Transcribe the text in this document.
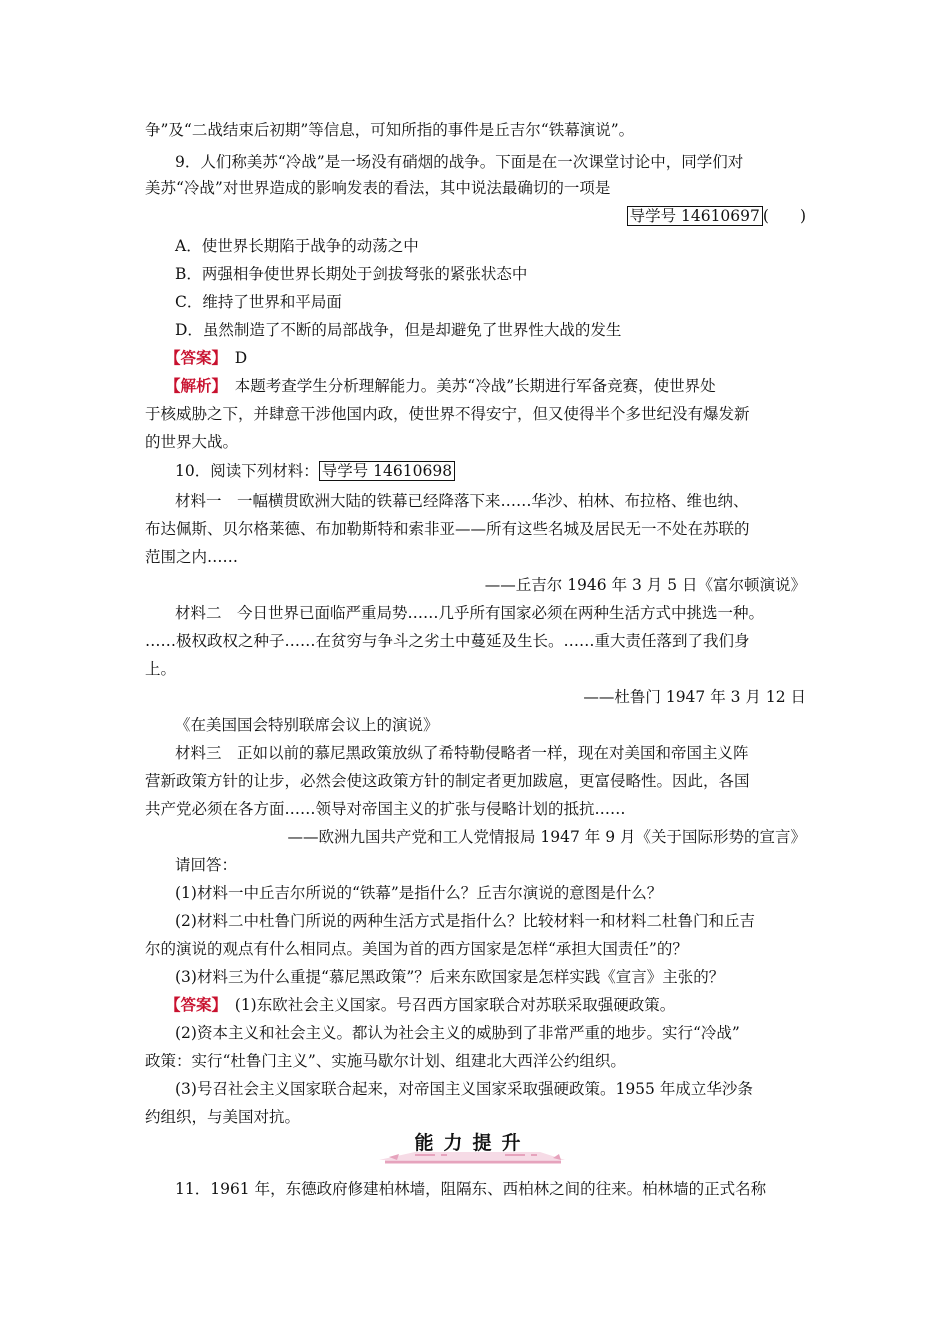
争”及“二战结束后初期”等信息，可知所指的事件是丘吉尔“铁幕演说”。
9．人们称美苏“冷战”是一场没有硝烟的战争。下面是在一次课堂讨论中，同学们对
美苏“冷战”对世界造成的影响发表的看法，其中说法最确切的一项是
导学号 14610697 (　　)
A．使世界长期陷于战争的动荡之中
B．两强相争使世界长期处于剑拔弩张的紧张状态中
C．维持了世界和平局面
D．虽然制造了不断的局部战争，但是却避免了世界性大战的发生
【答案】　D
【解析】　本题考查学生分析理解能力。美苏“冷战”长期进行军备竞赛，使世界处
于核威胁之下，并肆意干涉他国内政，使世界不得安宁，但又使得半个多世纪没有爆发新
的世界大战。
10．阅读下列材料： 导学号 14610698
材料一　一幅横贯欧洲大陆的铁幕已经降落下来……华沙、柏林、布拉格、维也纳、
布达佩斯、贝尔格莱德、布加勒斯特和索非亚——所有这些名城及居民无一不处在苏联的
范围之内……
——丘吉尔 1946 年 3 月 5 日《富尔顿演说》
材料二　今日世界已面临严重局势……几乎所有国家必须在两种生活方式中挑选一种。
……极权政权之种子……在贫穷与争斗之劣土中蔓延及生长。……重大责任落到了我们身
上。
——杜鲁门 1947 年 3 月 12 日
《在美国国会特别联席会议上的演说》
材料三　正如以前的慕尼黑政策放纵了希特勒侵略者一样，现在对美国和帝国主义阵
营新政策方针的让步，必然会使这政策方针的制定者更加跋扈，更富侵略性。因此，各国
共产党必须在各方面……领导对帝国主义的扩张与侵略计划的抵抗……
——欧洲九国共产党和工人党情报局 1947 年 9 月《关于国际形势的宣言》
请回答：
(1)材料一中丘吉尔所说的“铁幕”是指什么？丘吉尔演说的意图是什么？
(2)材料二中杜鲁门所说的两种生活方式是指什么？比较材料一和材料二杜鲁门和丘吉
尔的演说的观点有什么相同点。美国为首的西方国家是怎样“承担大国责任”的？
(3)材料三为什么重提“慕尼黑政策”？后来东欧国家是怎样实践《宣言》主张的？
【答案】　(1)东欧社会主义国家。号召西方国家联合对苏联采取强硬政策。
(2)资本主义和社会主义。都认为社会主义的威胁到了非常严重的地步。实行“冷战”
政策：实行“杜鲁门主义”、实施马歇尔计划、组建北大西洋公约组织。
(3)号召社会主义国家联合起来，对帝国主义国家采取强硬政策。1955 年成立华沙条
约组织，与美国对抗。
能力提升
11．1961 年，东德政府修建柏林墙，阻隔东、西柏林之间的往来。柏林墙的正式名称
